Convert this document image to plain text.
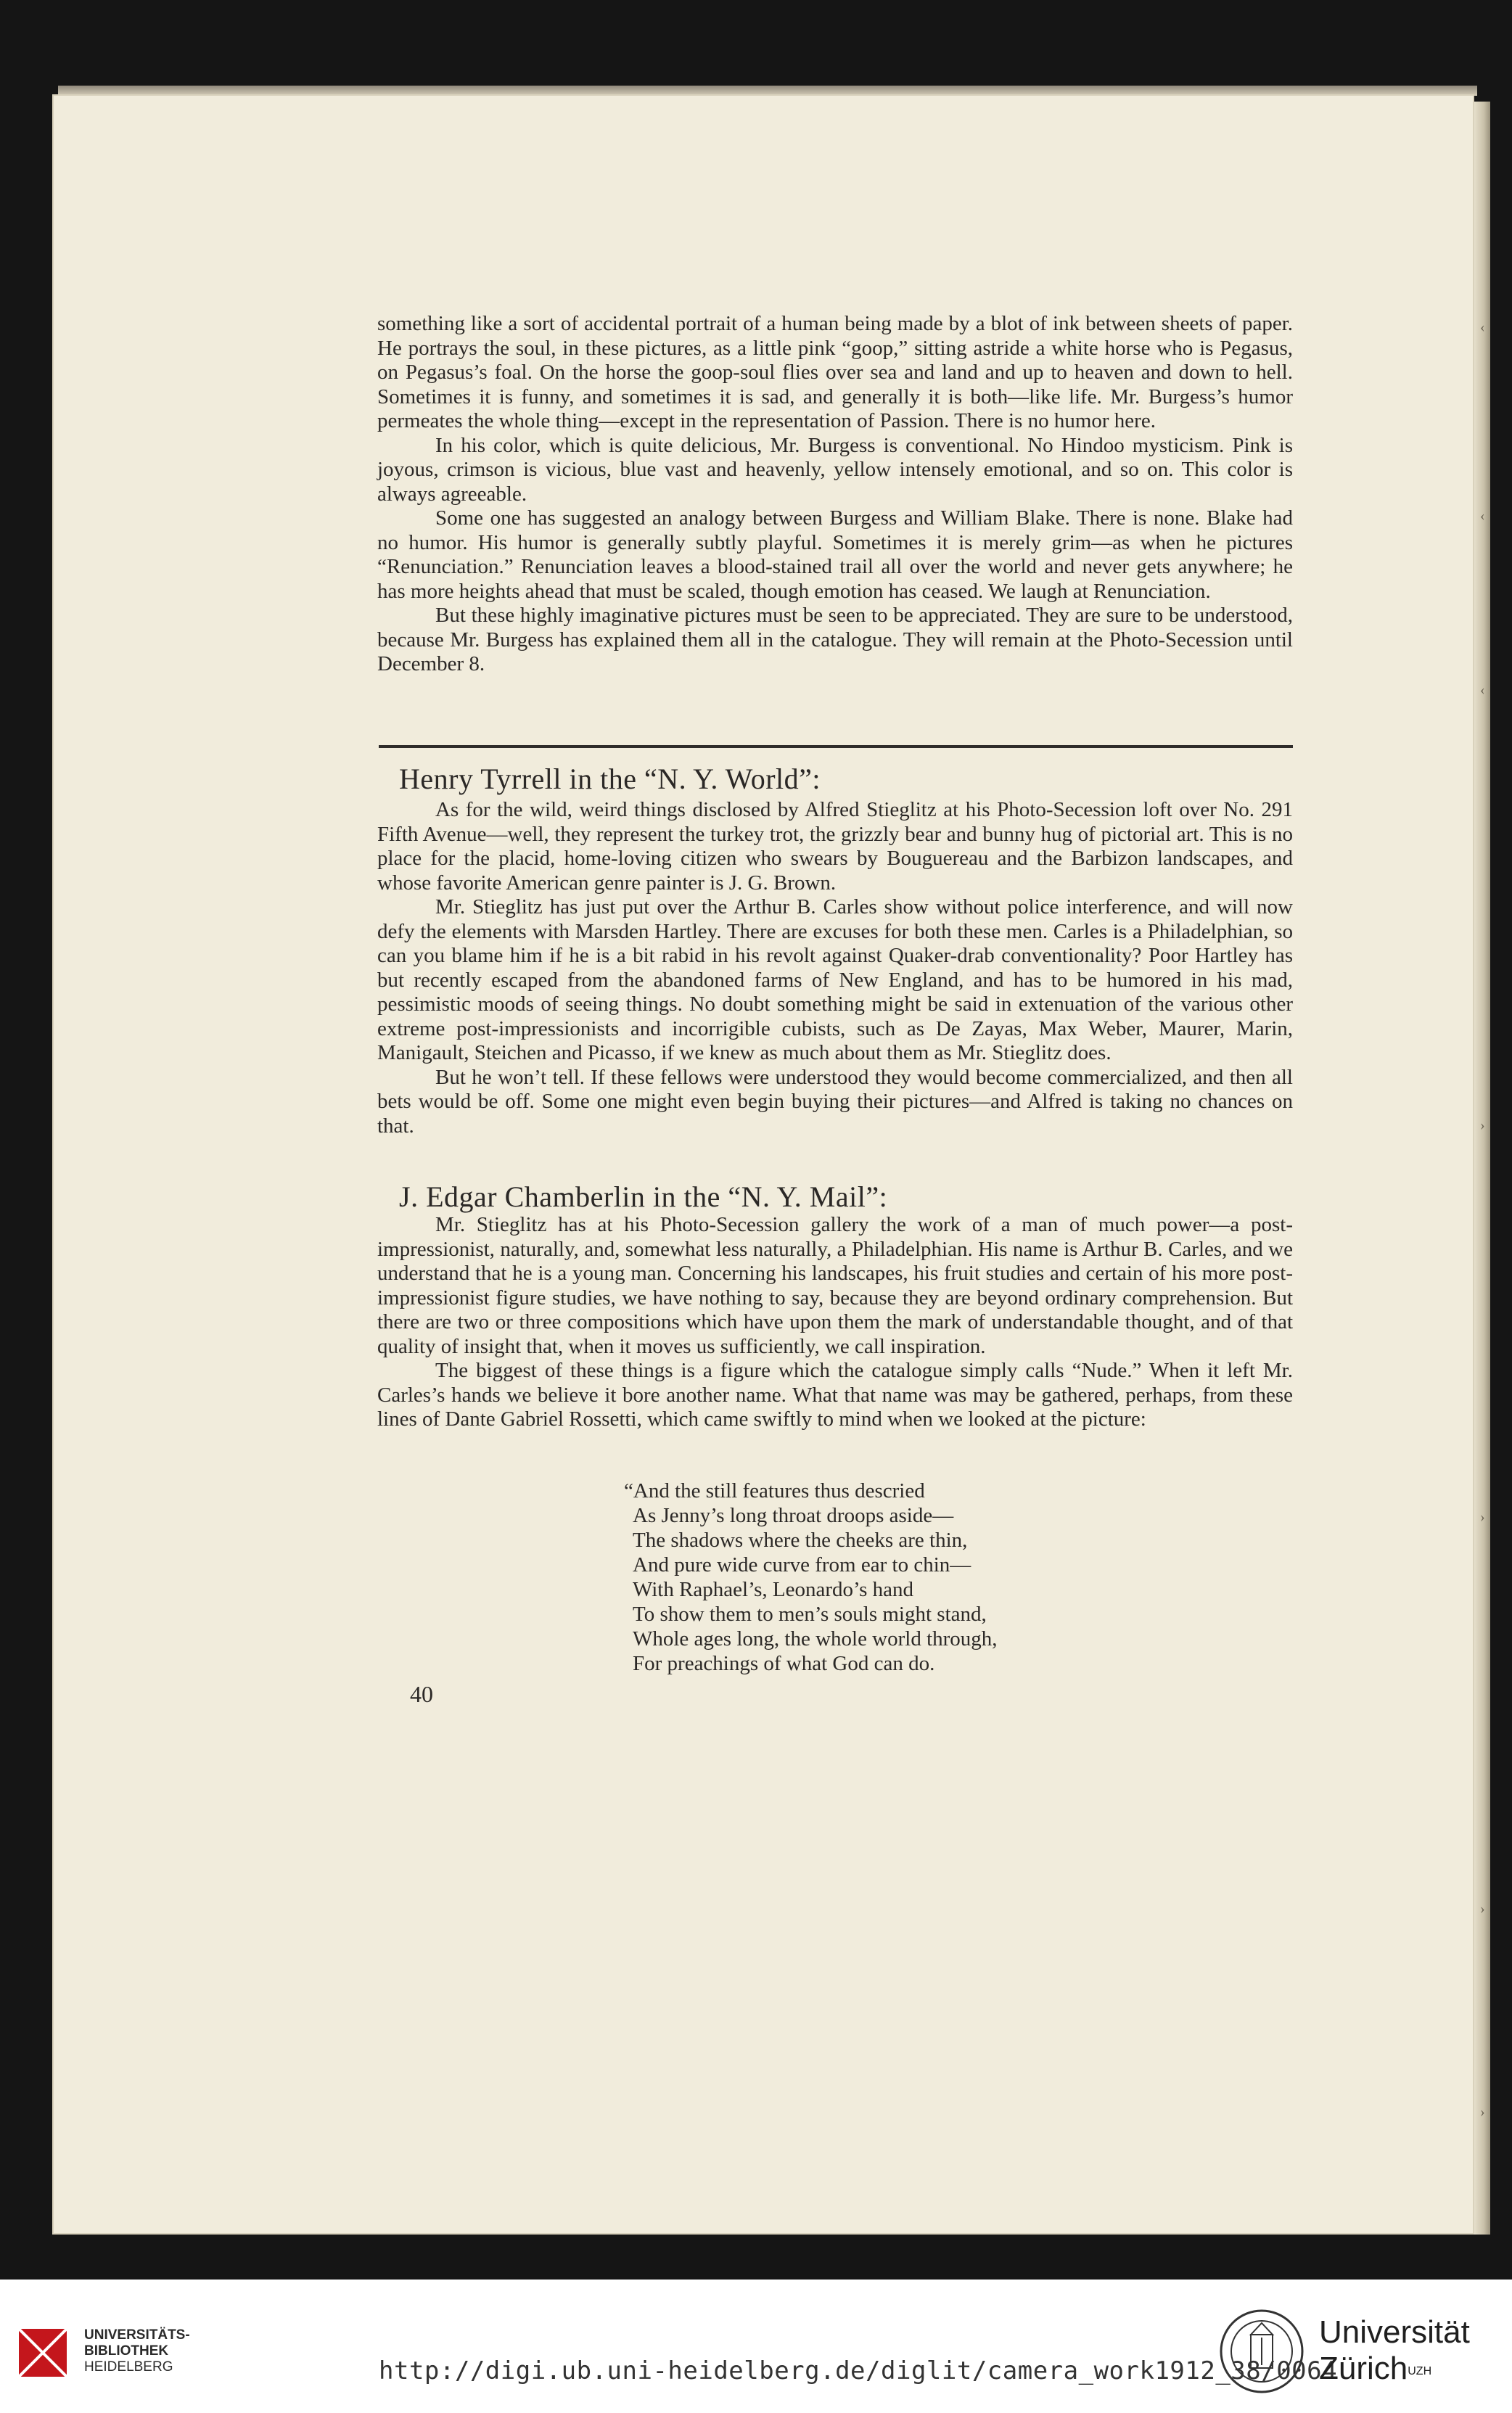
‹
‹
‹
›
›
›
›

something like a sort of accidental portrait of a human being made by a blot of ink between sheets of paper. He portrays the soul, in these pictures, as a little pink “goop,” sitting astride a white horse who is Pegasus, on Pegasus’s foal. On the horse the goop-soul flies over sea and land and up to heaven and down to hell. Sometimes it is funny, and sometimes it is sad, and generally it is both—like life. Mr. Burgess’s humor permeates the whole thing—except in the representation of Passion. There is no humor here.

In his color, which is quite delicious, Mr. Burgess is conventional. No Hindoo mysticism. Pink is joyous, crimson is vicious, blue vast and heavenly, yellow intensely emotional, and so on. This color is always agreeable.

Some one has suggested an analogy between Burgess and William Blake. There is none. Blake had no humor. His humor is generally subtly playful. Sometimes it is merely grim—as when he pictures “Renunciation.” Renunciation leaves a blood-stained trail all over the world and never gets anywhere; he has more heights ahead that must be scaled, though emotion has ceased. We laugh at Renunciation.

But these highly imaginative pictures must be seen to be appreciated. They are sure to be understood, because Mr. Burgess has explained them all in the catalogue. They will remain at the Photo-Secession until December 8.

Henry Tyrrell in the “N. Y. World”:

As for the wild, weird things disclosed by Alfred Stieglitz at his Photo-Secession loft over No. 291 Fifth Avenue—well, they represent the turkey trot, the grizzly bear and bunny hug of pictorial art. This is no place for the placid, home-loving citizen who swears by Bouguereau and the Barbizon landscapes, and whose favorite American genre painter is J. G. Brown.

Mr. Stieglitz has just put over the Arthur B. Carles show without police interference, and will now defy the elements with Marsden Hartley. There are excuses for both these men. Carles is a Philadelphian, so can you blame him if he is a bit rabid in his revolt against Quaker-drab conventionality? Poor Hartley has but recently escaped from the abandoned farms of New England, and has to be humored in his mad, pessimistic moods of seeing things. No doubt something might be said in extenuation of the various other extreme post-impressionists and incorrigible cubists, such as De Zayas, Max Weber, Maurer, Marin, Manigault, Steichen and Picasso, if we knew as much about them as Mr. Stieglitz does.

But he won’t tell. If these fellows were understood they would become commercialized, and then all bets would be off. Some one might even begin buying their pictures—and Alfred is taking no chances on that.

J. Edgar Chamberlin in the “N. Y. Mail”:

Mr. Stieglitz has at his Photo-Secession gallery the work of a man of much power—a post-impressionist, naturally, and, somewhat less naturally, a Philadelphian. His name is Arthur B. Carles, and we understand that he is a young man. Concerning his landscapes, his fruit studies and certain of his more post-impressionist figure studies, we have nothing to say, because they are beyond ordinary comprehension. But there are two or three compositions which have upon them the mark of understandable thought, and of that quality of insight that, when it moves us sufficiently, we call inspiration.

The biggest of these things is a figure which the catalogue simply calls “Nude.” When it left Mr. Carles’s hands we believe it bore another name. What that name was may be gathered, perhaps, from these lines of Dante Gabriel Rossetti, which came swiftly to mind when we looked at the picture:

“And the still features thus descried
As Jenny’s long throat droops aside—
The shadows where the cheeks are thin,
And pure wide curve from ear to chin—
With Raphael’s, Leonardo’s hand
To show them to men’s souls might stand,
Whole ages long, the whole world through,
For preachings of what God can do.
40
UNIVERSITÄTS-
BIBLIOTHEK
HEIDELBERG	http://digi.ub.uni-heidelberg.de/diglit/camera_work1912_38/0064
Universität
Zürich$^{UZH}$
